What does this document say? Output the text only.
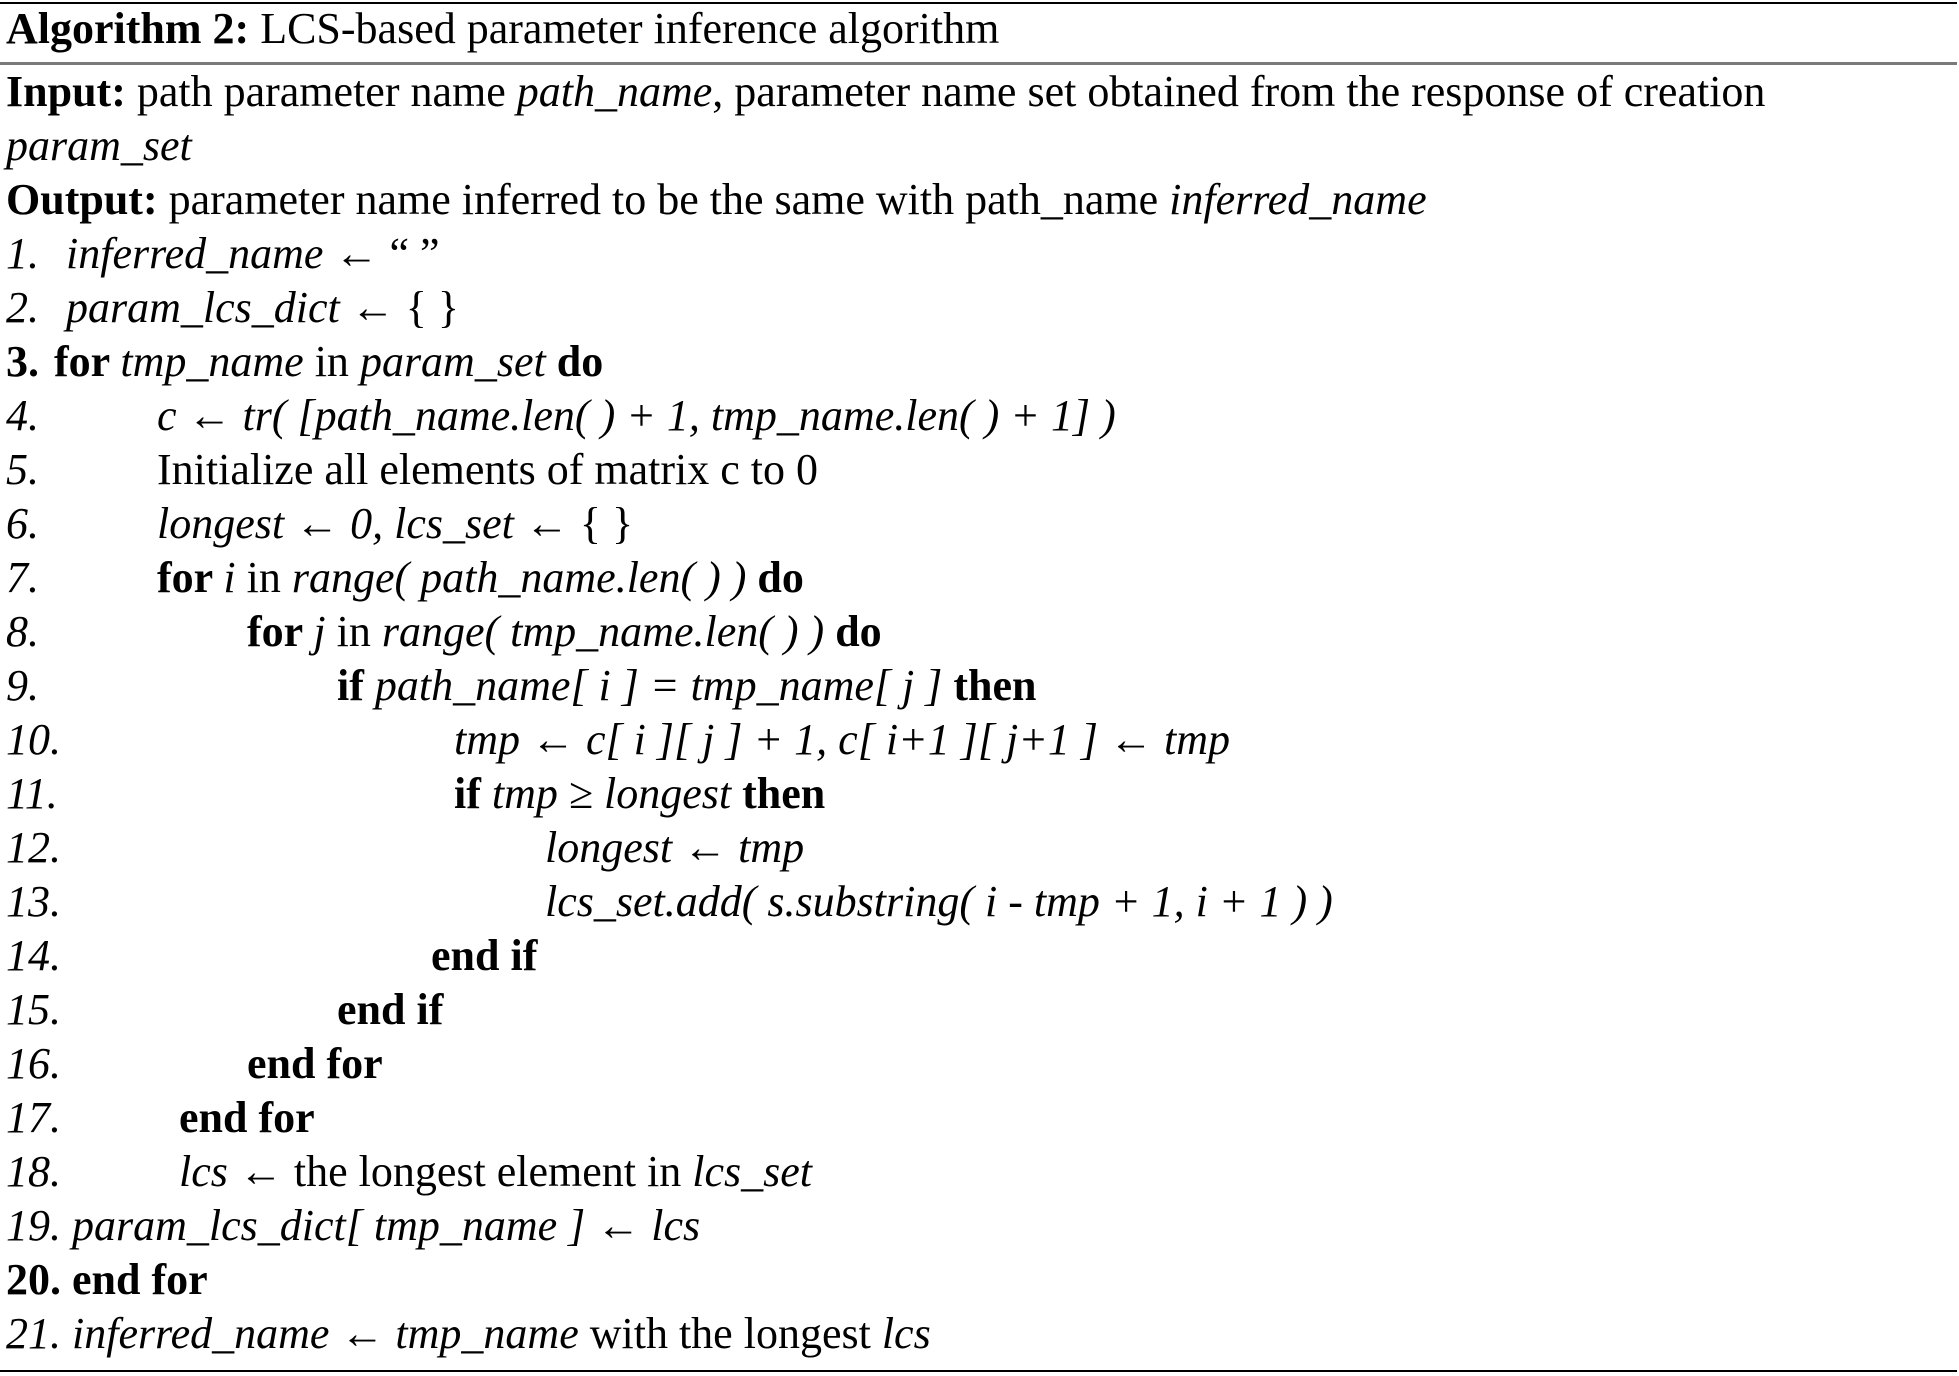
Algorithm 2: LCS-based parameter inference algorithm
Input: path parameter name path_name, parameter name set obtained from the response of creation
param_set
Output: parameter name inferred to be the same with path_name inferred_name
1. inferred_name ← “ ”
2. param_lcs_dict ← { }
3. for tmp_name in param_set do
4.	c ← tr( [path_name.len( ) + 1, tmp_name.len( ) + 1] )
5.	Initialize all elements of matrix c to 0
6.	longest ← 0, lcs_set ← { }
7.	for i in range( path_name.len( ) ) do
8.	for j in range( tmp_name.len( ) ) do
9.	if path_name[ i ] = tmp_name[ j ] then
10.	tmp ← c[ i ][ j ] + 1, c[ i+1 ][ j+1 ] ← tmp
11.	if tmp ≥ longest then
12.	longest ← tmp
13.	lcs_set.add( s.substring( i - tmp + 1, i + 1 ) )
14.	end if
15.	end if
16.	end for
17.	end for
18.	lcs ← the longest element in lcs_set
19. param_lcs_dict[ tmp_name ] ← lcs
20. end for
21. inferred_name ← tmp_name with the longest lcs
